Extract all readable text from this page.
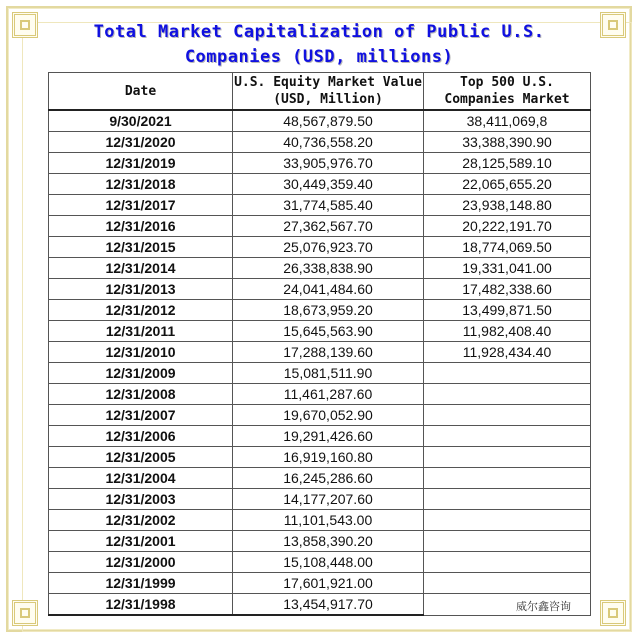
Total Market Capitalization of Public U.S. Companies (USD, millions)
Date	U.S. Equity Market Value (USD, Million)	Top 500 U.S. Companies Market
9/30/2021	48,567,879.50	38,411,069,8
12/31/2020	40,736,558.20	33,388,390.90
12/31/2019	33,905,976.70	28,125,589.10
12/31/2018	30,449,359.40	22,065,655.20
12/31/2017	31,774,585.40	23,938,148.80
12/31/2016	27,362,567.70	20,222,191.70
12/31/2015	25,076,923.70	18,774,069.50
12/31/2014	26,338,838.90	19,331,041.00
12/31/2013	24,041,484.60	17,482,338.60
12/31/2012	18,673,959.20	13,499,871.50
12/31/2011	15,645,563.90	11,982,408.40
12/31/2010	17,288,139.60	11,928,434.40
12/31/2009	15,081,511.90	
12/31/2008	11,461,287.60	
12/31/2007	19,670,052.90	
12/31/2006	19,291,426.60	
12/31/2005	16,919,160.80	
12/31/2004	16,245,286.60	
12/31/2003	14,177,207.60	
12/31/2002	11,101,543.00	
12/31/2001	13,858,390.20	
12/31/2000	15,108,448.00	
12/31/1999	17,601,921.00	
12/31/1998	13,454,917.70		威尔鑫咨询
